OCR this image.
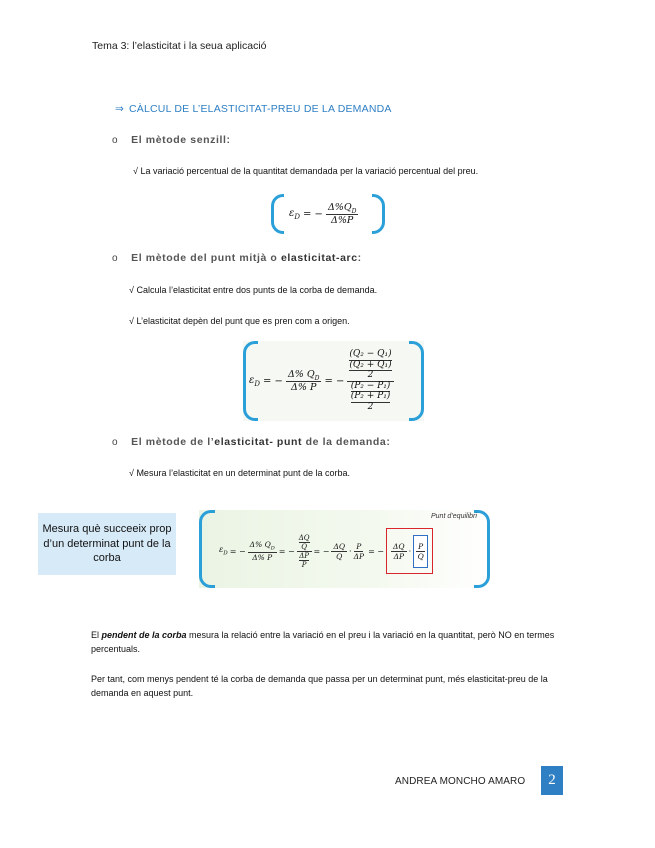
Tema 3: l’elasticitat i la seua aplicació
⇒ CÀLCUL DE L’ELASTICITAT-PREU DE LA DEMANDA
o El mètode senzill:
√ La variació percentual de la quantitat demandada per la variació percentual del preu.
$\varepsilon_D$ = − $\frac{\Delta\%Q_D}{\Delta\%P}$
o El mètode del punt mitjà o elasticitat-arc:
√ Calcula l’elasticitat entre dos punts de la corba de demanda.
√ L’elasticitat depèn del punt que es pren com a origen.
$\varepsilon_D$ = − $\frac{\Delta\% Q_D}{\Delta\% P}$ = − $\frac{\frac{\text{(Q₂ − Q₁)}}{\frac{\text{(Q₂ + Q₁)}}{2}}}{\frac{\text{(P₂ − P₁)}}{\frac{\text{(P₂ + P₁)}}{2}}}$
o El mètode de l’elasticitat- punt de la demanda:
√ Mesura l’elasticitat en un determinat punt de la corba.
Mesura què succeeix prop d’un determinat punt de la corba
$\varepsilon_D$ = − $\frac{\Delta\% Q_D}{\Delta\% P}$ = − $\frac{\frac{\Delta Q}{Q}}{\frac{\Delta P}{P}}$ = − $\frac{\Delta Q}{Q} \cdot \frac{P}{\Delta P}$ = − $\frac{\Delta Q}{\Delta P} \cdot \frac{P}{Q}$
Punt d’equilibri
El pendent de la corba mesura la relació entre la variació en el preu i la variació en la quantitat, però NO en termes percentuals.
Per tant, com menys pendent té la corba de demanda que passa per un determinat punt, més elasticitat-preu de la demanda en aquest punt.
ANDREA MONCHO AMARO	2
